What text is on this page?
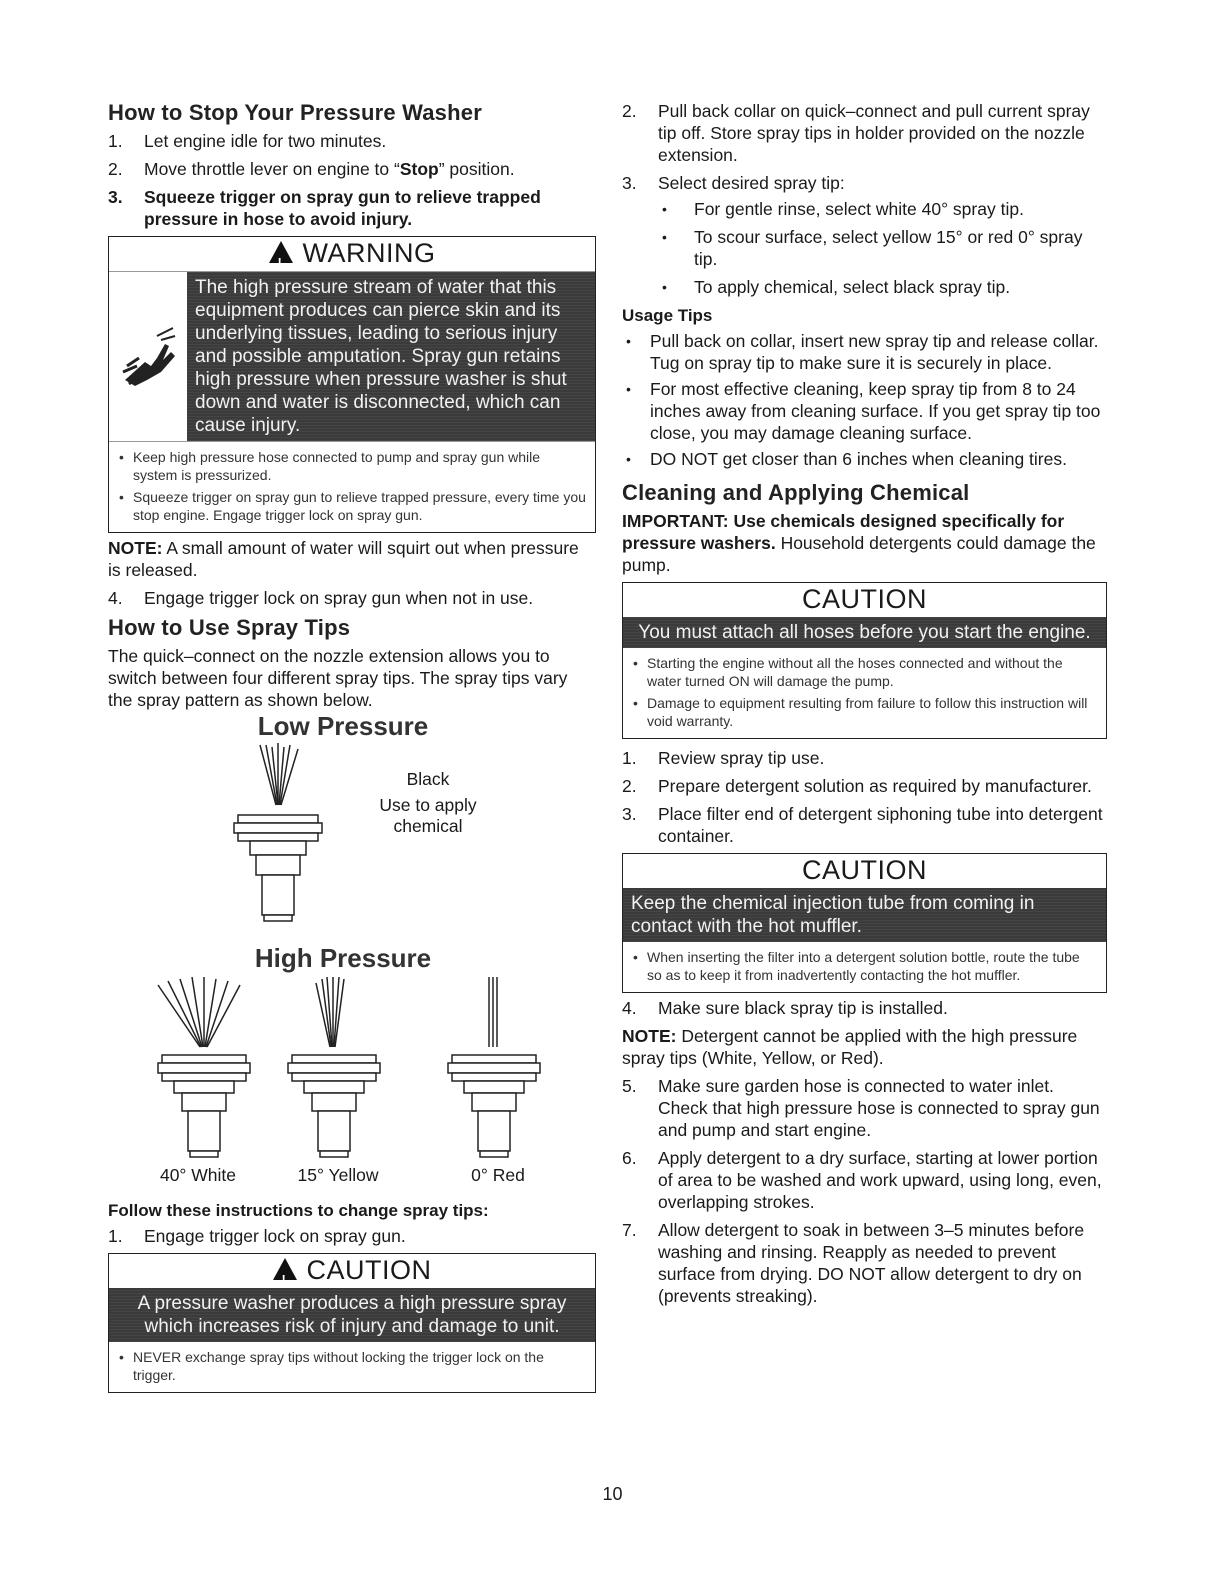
How to Stop Your Pressure Washer
1. Let engine idle for two minutes.
2. Move throttle lever on engine to “Stop” position.
3. Squeeze trigger on spray gun to relieve trapped pressure in hose to avoid injury.
!WARNING
The high pressure stream of water that this equipment produces can pierce skin and its underlying tissues, leading to serious injury and possible amputation. Spray gun retains high pressure when pressure washer is shut down and water is disconnected, which can cause injury.
• Keep high pressure hose connected to pump and spray gun while system is pressurized.
• Squeeze trigger on spray gun to relieve trapped pressure, every time you stop engine. Engage trigger lock on spray gun.

NOTE: A small amount of water will squirt out when pressure is released.

4. Engage trigger lock on spray gun when not in use.
How to Use Spray Tips

The quick–connect on the nozzle extension allows you to switch between four different spray tips. The spray tips vary the spray pattern as shown below.

Low Pressure
Black
Use to apply chemical
High Pressure
40° White	15° Yellow	0° Red
Follow these instructions to change spray tips:
1. Engage trigger lock on spray gun.
!CAUTION
A pressure washer produces a high pressure spray which increases risk of injury and damage to unit.
• NEVER exchange spray tips without locking the trigger lock on the trigger.
2. Pull back collar on quick–connect and pull current spray tip off. Store spray tips in holder provided on the nozzle extension.
3. Select desired spray tip:
• For gentle rinse, select white 40° spray tip.
• To scour surface, select yellow 15° or red 0° spray tip.
• To apply chemical, select black spray tip.
Usage Tips
• Pull back on collar, insert new spray tip and release collar. Tug on spray tip to make sure it is securely in place.
• For most effective cleaning, keep spray tip from 8 to 24 inches away from cleaning surface. If you get spray tip too close, you may damage cleaning surface.
• DO NOT get closer than 6 inches when cleaning tires.
Cleaning and Applying Chemical

IMPORTANT: Use chemicals designed specifically for pressure washers. Household detergents could damage the pump.

CAUTION
You must attach all hoses before you start the engine.
• Starting the engine without all the hoses connected and without the water turned ON will damage the pump.
• Damage to equipment resulting from failure to follow this instruction will void warranty.
1. Review spray tip use.
2. Prepare detergent solution as required by manufacturer.
3. Place filter end of detergent siphoning tube into detergent container.
CAUTION
Keep the chemical injection tube from coming in contact with the hot muffler.
• When inserting the filter into a detergent solution bottle, route the tube so as to keep it from inadvertently contacting the hot muffler.
4. Make sure black spray tip is installed.

NOTE: Detergent cannot be applied with the high pressure spray tips (White, Yellow, or Red).

5. Make sure garden hose is connected to water inlet. Check that high pressure hose is connected to spray gun and pump and start engine.
6. Apply detergent to a dry surface, starting at lower portion of area to be washed and work upward, using long, even, overlapping strokes.
7. Allow detergent to soak in between 3–5 minutes before washing and rinsing. Reapply as needed to prevent surface from drying. DO NOT allow detergent to dry on (prevents streaking).
10
